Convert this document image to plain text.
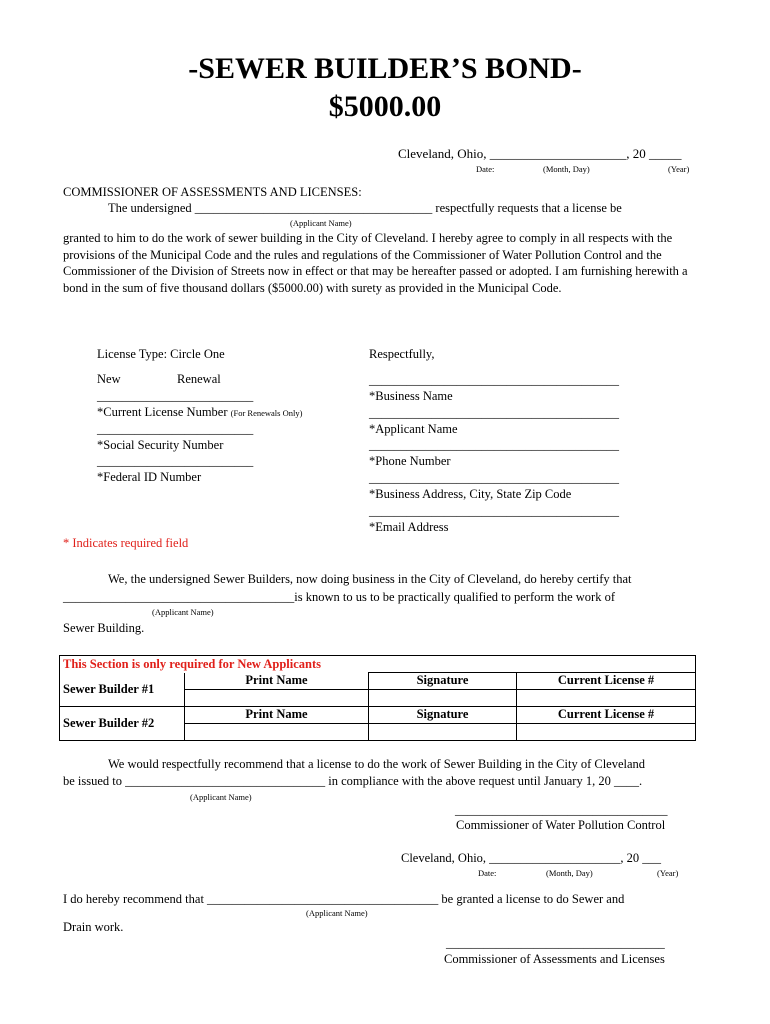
-SEWER BUILDER’S BOND-
$5000.00
Cleveland, Ohio, _____________________, 20 _____
Date:	(Month, Day)	(Year)
COMMISSIONER OF ASSESSMENTS AND LICENSES:
The undersigned ______________________________________ respectfully requests that a license be
(Applicant Name)
granted to him to do the work of sewer building in the City of Cleveland. I hereby agree to comply in all respects with the provisions of the Municipal Code and the rules and regulations of the Commissioner of Water Pollution Control and the Commissioner of the Division of Streets now in effect or that may be hereafter passed or adopted. I am furnishing herewith a bond in the sum of five thousand dollars ($5000.00) with surety as provided in the Municipal Code.
License Type: Circle One
New	Renewal
_________________________
*Current License Number (For Renewals Only)
_________________________
*Social Security Number
_________________________
*Federal ID Number
Respectfully,
________________________________________
*Business Name
________________________________________
*Applicant Name
________________________________________
*Phone Number
________________________________________
*Business Address, City, State Zip Code
________________________________________
*Email Address
* Indicates required field
We, the undersigned Sewer Builders, now doing business in the City of Cleveland, do hereby certify that
_____________________________________is known to us to be practically qualified to perform the work of
(Applicant Name)
Sewer Building.
This Section is only required for New Applicants			
Sewer Builder #1	Print Name	Signature	Current License #

Sewer Builder #2	Print Name	Signature	Current License #

We would respectfully recommend that a license to do the work of Sewer Building in the City of Cleveland
be issued to ________________________________ in compliance with the above request until January 1, 20 ____.
(Applicant Name)
__________________________________
Commissioner of Water Pollution Control
Cleveland, Ohio, _____________________, 20 ___
Date:	(Month, Day)	(Year)
I do hereby recommend that _____________________________________ be granted a license to do Sewer and
(Applicant Name)
Drain work.
___________________________________
Commissioner of Assessments and Licenses
